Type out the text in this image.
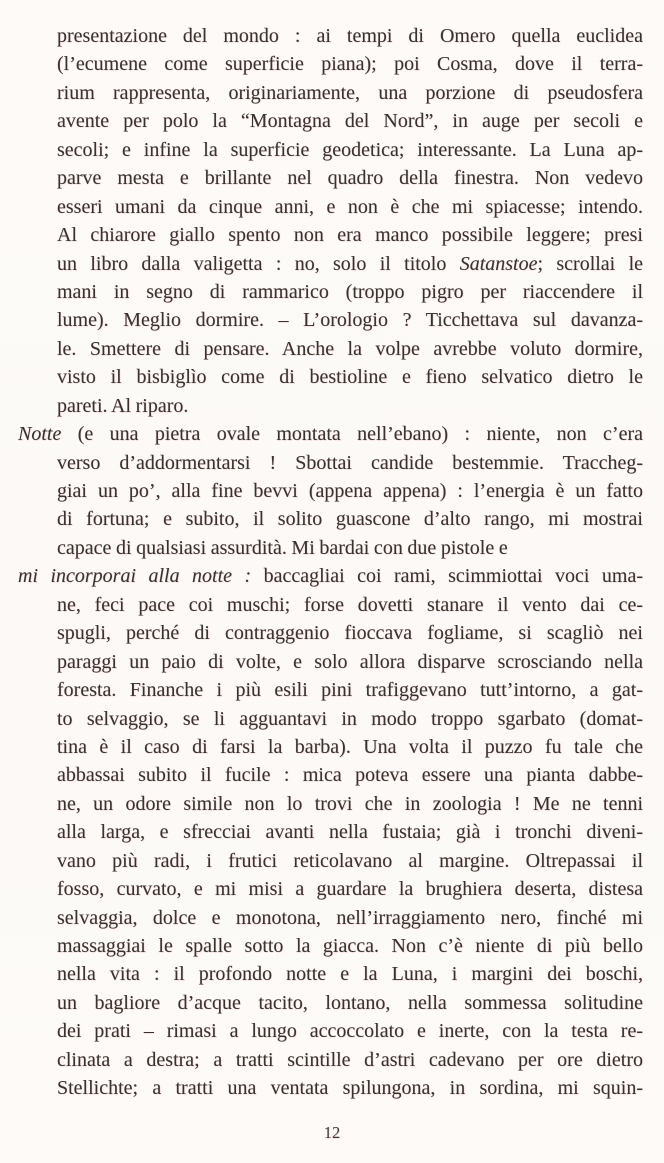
presentazione del mondo : ai tempi di Omero quella euclidea
(l’ecumene come superficie piana); poi Cosma, dove il terra-
rium rappresenta, originariamente, una porzione di pseudosfera
avente per polo la “Montagna del Nord”, in auge per secoli e
secoli; e infine la superficie geodetica; interessante. La Luna ap-
parve mesta e brillante nel quadro della finestra. Non vedevo
esseri umani da cinque anni, e non è che mi spiacesse; intendo.
Al chiarore giallo spento non era manco possibile leggere; presi
un libro dalla valigetta : no, solo il titolo Satanstoe; scrollai le
mani in segno di rammarico (troppo pigro per riaccendere il
lume). Meglio dormire. – L’orologio ? Ticchettava sul davanza-
le. Smettere di pensare. Anche la volpe avrebbe voluto dormire,
visto il bisbiglìo come di bestioline e fieno selvatico dietro le
pareti. Al riparo.
Notte (e una pietra ovale montata nell’ebano) : niente, non c’era
verso d’addormentarsi ! Sbottai candide bestemmie. Traccheg-
giai un po’, alla fine bevvi (appena appena) : l’energia è un fatto
di fortuna; e subito, il solito guascone d’alto rango, mi mostrai
capace di qualsiasi assurdità. Mi bardai con due pistole e
mi incorporai alla notte : baccagliai coi rami, scimmiottai voci uma-
ne, feci pace coi muschi; forse dovetti stanare il vento dai ce-
spugli, perché di contraggenio fioccava fogliame, si scagliò nei
paraggi un paio di volte, e solo allora disparve scrosciando nella
foresta. Finanche i più esili pini trafiggevano tutt’intorno, a gat-
to selvaggio, se li agguantavi in modo troppo sgarbato (domat-
tina è il caso di farsi la barba). Una volta il puzzo fu tale che
abbassai subito il fucile : mica poteva essere una pianta dabbe-
ne, un odore simile non lo trovi che in zoologia ! Me ne tenni
alla larga, e sfrecciai avanti nella fustaia; già i tronchi diveni-
vano più radi, i frutici reticolavano al margine. Oltrepassai il
fosso, curvato, e mi misi a guardare la brughiera deserta, distesa
selvaggia, dolce e monotona, nell’irraggiamento nero, finché mi
massaggiai le spalle sotto la giacca. Non c’è niente di più bello
nella vita : il profondo notte e la Luna, i margini dei boschi,
un bagliore d’acque tacito, lontano, nella sommessa solitudine
dei prati – rimasi a lungo accoccolato e inerte, con la testa re-
clinata a destra; a tratti scintille d’astri cadevano per ore dietro
Stellichte; a tratti una ventata spilungona, in sordina, mi squin-
12
